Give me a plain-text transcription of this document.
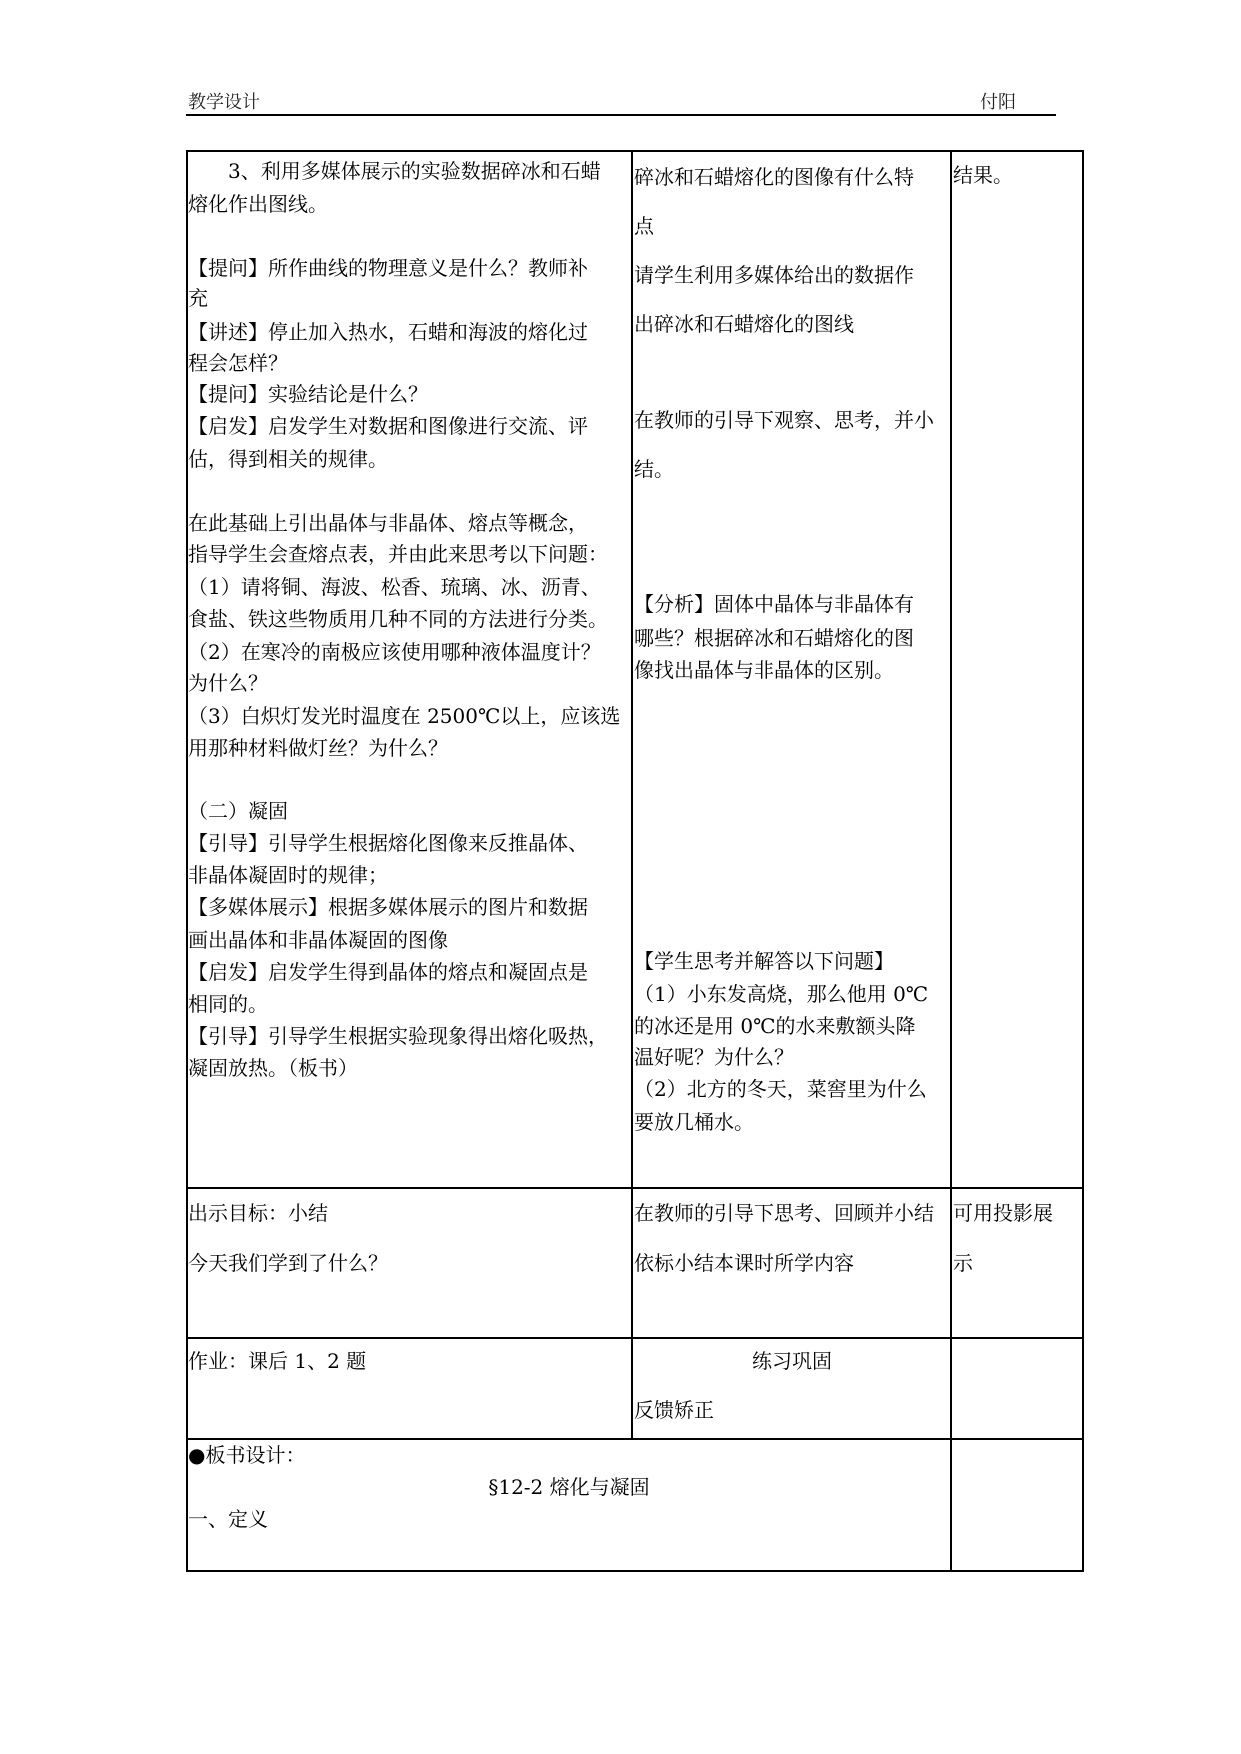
教学设计	付阳
　　3、利用多媒体展示的实验数据碎冰和石蜡
熔化作出图线。
【提问】所作曲线的物理意义是什么？教师补
充
【讲述】停止加入热水，石蜡和海波的熔化过
程会怎样？
【提问】实验结论是什么？
【启发】启发学生对数据和图像进行交流、评
估，得到相关的规律。
在此基础上引出晶体与非晶体、熔点等概念，
指导学生会查熔点表，并由此来思考以下问题：
（1）请将铜、海波、松香、琉璃、冰、沥青、
食盐、铁这些物质用几种不同的方法进行分类。
（2）在寒冷的南极应该使用哪种液体温度计？
为什么？
（3）白炽灯发光时温度在 2500℃以上，应该选
用那种材料做灯丝？为什么？
（二）凝固
【引导】引导学生根据熔化图像来反推晶体、
非晶体凝固时的规律；
【多媒体展示】根据多媒体展示的图片和数据
画出晶体和非晶体凝固的图像
【启发】启发学生得到晶体的熔点和凝固点是
相同的。
【引导】引导学生根据实验现象得出熔化吸热，
凝固放热。（板书）
碎冰和石蜡熔化的图像有什么特
点
请学生利用多媒体给出的数据作
出碎冰和石蜡熔化的图线
在教师的引导下观察、思考，并小
结。
【分析】固体中晶体与非晶体有
哪些？根据碎冰和石蜡熔化的图
像找出晶体与非晶体的区别。
【学生思考并解答以下问题】
（1）小东发高烧，那么他用 0℃
的冰还是用 0℃的水来敷额头降
温好呢？为什么？
（2）北方的冬天，菜窖里为什么
要放几桶水。
结果。
出示目标：小结
今天我们学到了什么？
在教师的引导下思考、回顾并小结
依标小结本课时所学内容
可用投影展
示
作业：课后 1、2 题	练习巩固
反馈矫正
●板书设计：
§12-2 熔化与凝固
一、定义
